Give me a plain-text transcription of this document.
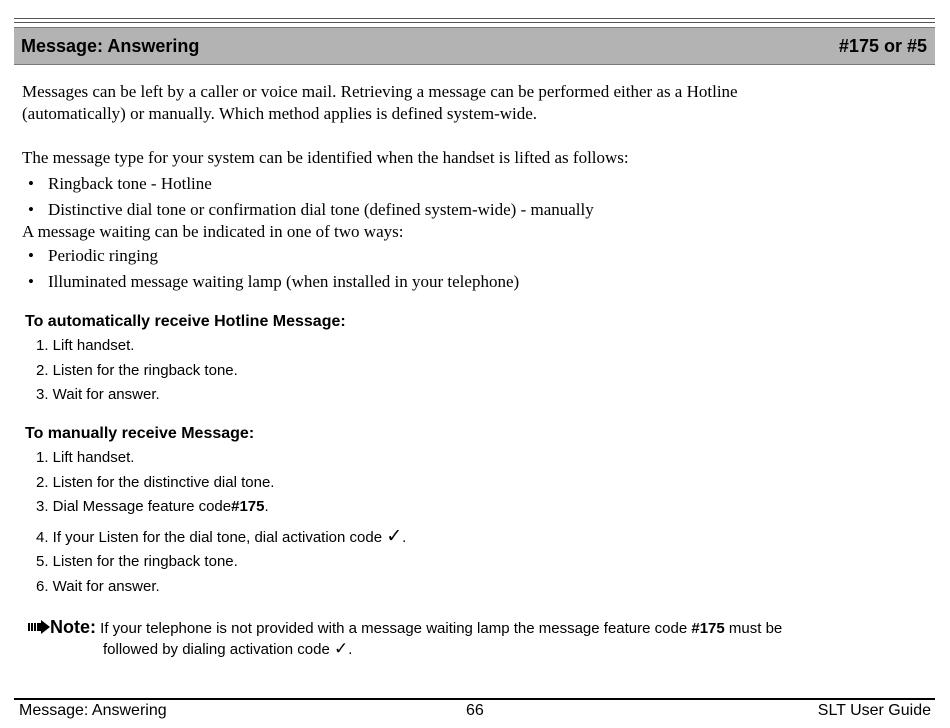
Message: Answering	#175 or #5
Messages can be left by a caller or voice mail. Retrieving a message can be performed either as a Hotline
(automatically) or manually. Which method applies is defined system-wide.
The message type for your system can be identified when the handset is lifted as follows:
• Ringback tone - Hotline
• Distinctive dial tone or confirmation dial tone (defined system-wide) - manually
A message waiting can be indicated in one of two ways:
• Periodic ringing
• Illuminated message waiting lamp (when installed in your telephone)
To automatically receive Hotline Message:
1. Lift handset.
2. Listen for the ringback tone.
3. Wait for answer.
To manually receive Message:
1. Lift handset.
2. Listen for the distinctive dial tone.
3. Dial Message feature code#175.
4. If your Listen for the dial tone, dial activation code ✓.
5. Listen for the ringback tone.
6. Wait for answer.
Note: If your telephone is not provided with a message waiting lamp the message feature code #175 must be
followed by dialing activation code ✓.
Message: Answering	66	SLT User Guide
